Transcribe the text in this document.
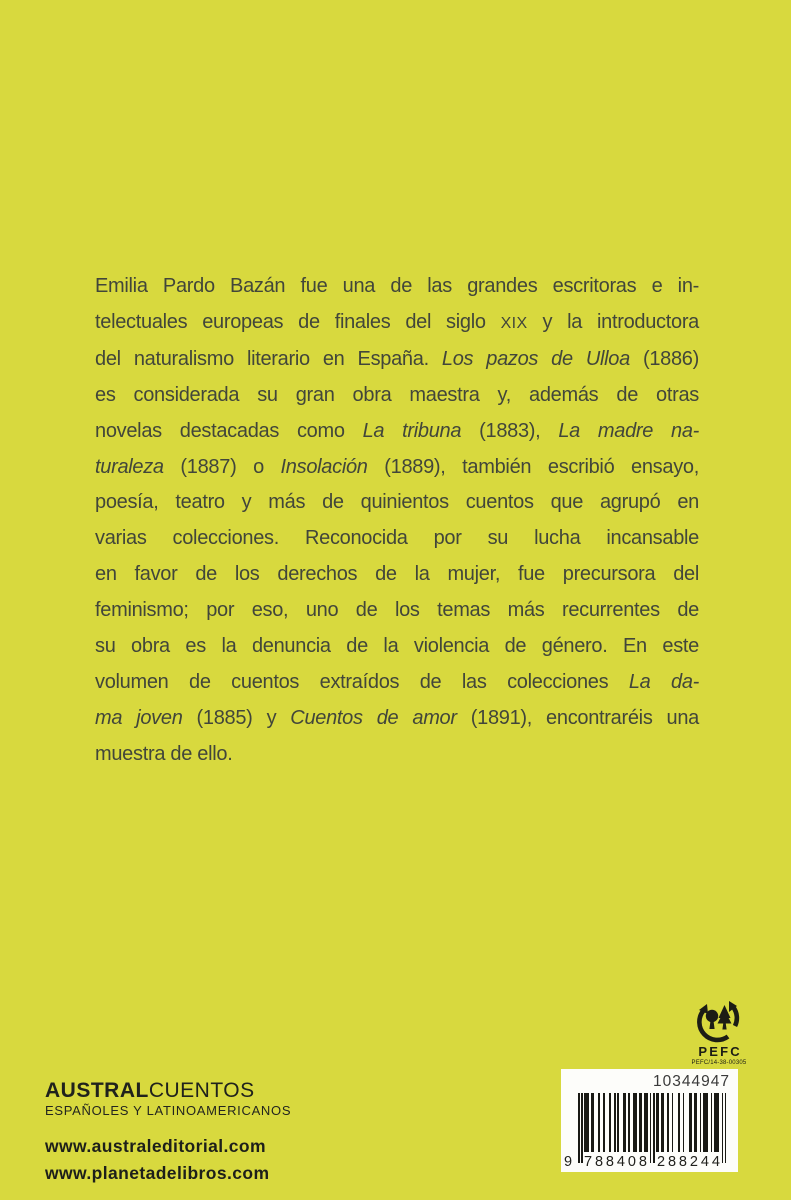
Emilia Pardo Bazán fue una de las grandes escritoras e in-
telectuales europeas de finales del siglo XIX y la introductora
del naturalismo literario en España. Los pazos de Ulloa (1886)
es considerada su gran obra maestra y, además de otras
novelas destacadas como La tribuna (1883), La madre na-
turaleza (1887) o Insolación (1889), también escribió ensayo,
poesía, teatro y más de quinientos cuentos que agrupó en
varias colecciones. Reconocida por su lucha incansable
en favor de los derechos de la mujer, fue precursora del
feminismo; por eso, uno de los temas más recurrentes de
su obra es la denuncia de la violencia de género. En este
volumen de cuentos extraídos de las colecciones La da-
ma joven (1885) y Cuentos de amor (1891), encontraréis una
muestra de ello.
AUSTRALCUENTOS
ESPAÑOLES Y LATINOAMERICANOS
www.australeditorial.com
www.planetadelibros.com
PEFC
PEFC/14-38-00305
10344947
9 788408 288244
